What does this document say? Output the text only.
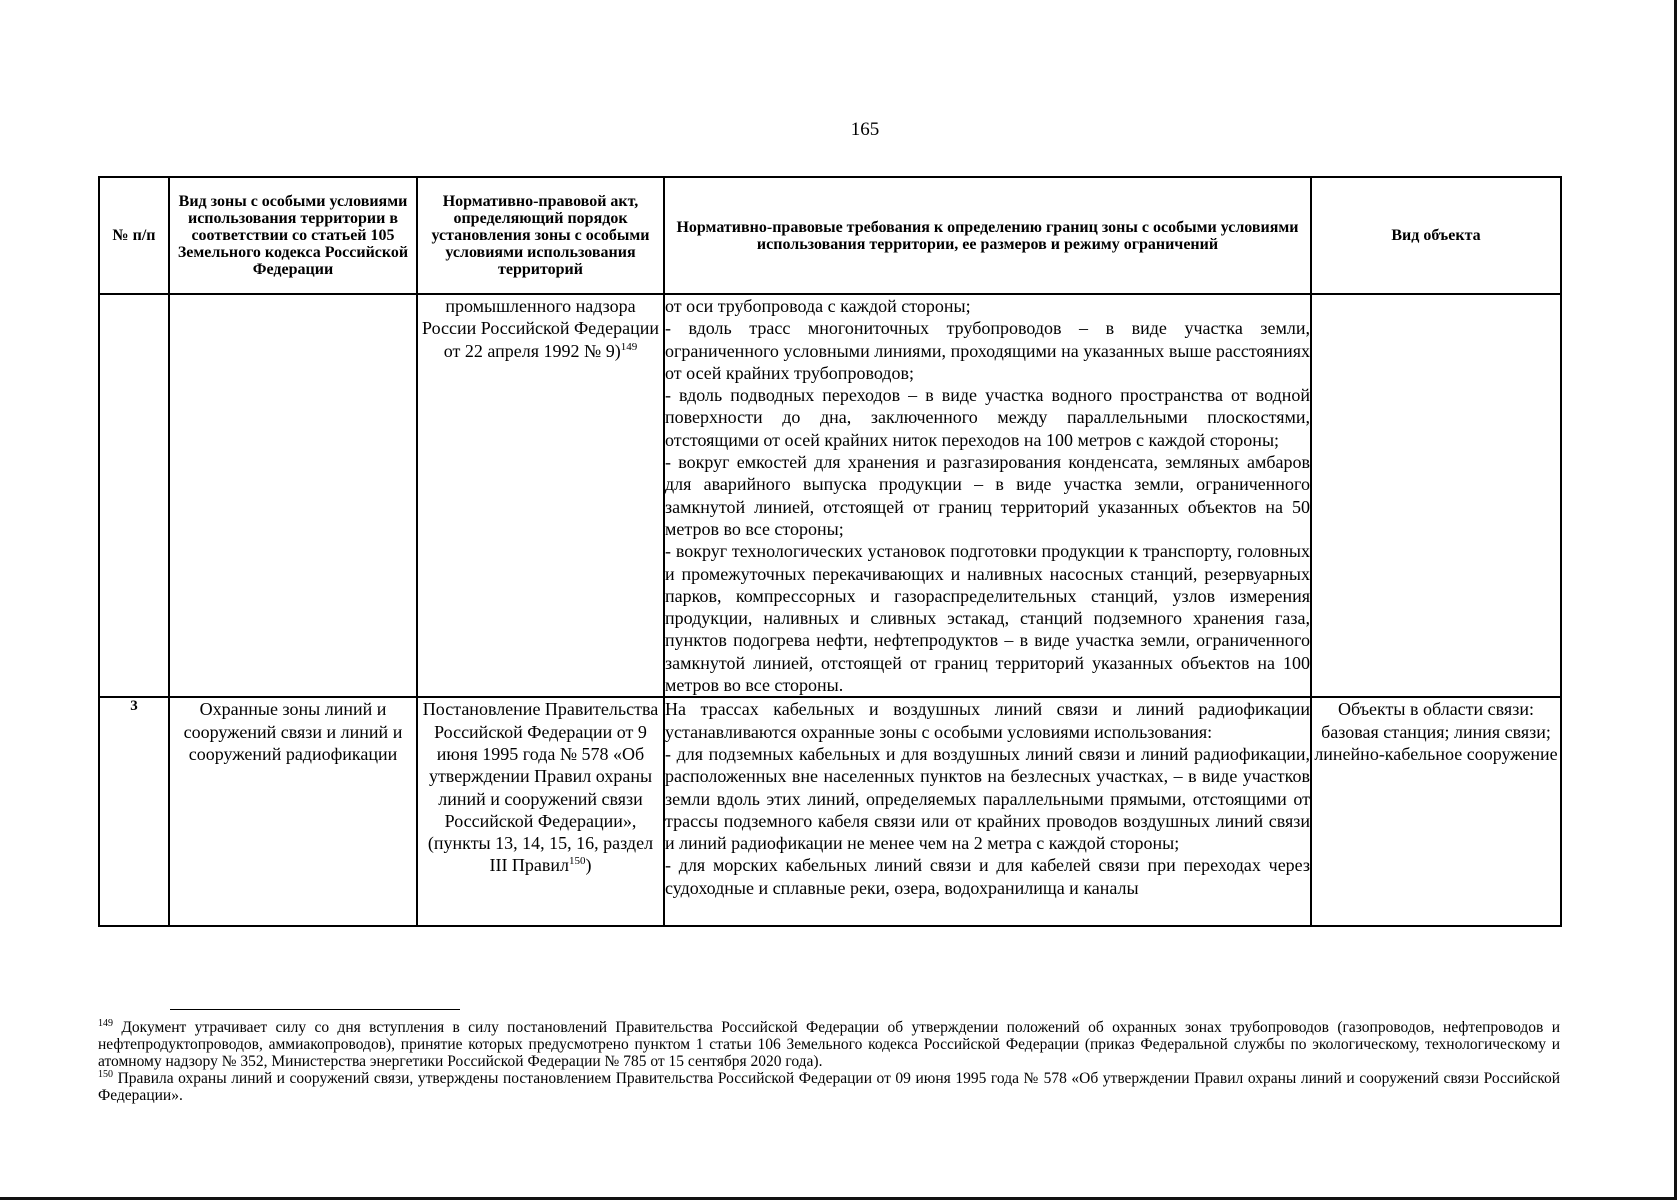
165
№ п/п	Вид зоны с особыми условиями использования территории в соответствии со статьей 105 Земельного кодекса Российской Федерации	Нормативно-правовой акт, определяющий порядок установления зоны с особыми условиями использования территорий	Нормативно-правовые требования к определению границ зоны с особыми условиями использования территории, ее размеров и режиму ограничений	Вид объекта
		промышленного надзора России Российской Федерации от 22 апреля 1992 № 9)$^{149}$	от оси трубопровода с каждой стороны;

- вдоль трасс многониточных трубопроводов – в виде участка земли, ограниченного условными линиями, проходящими на указанных выше расстояниях от осей крайних трубопроводов;

- вдоль подводных переходов – в виде участка водного пространства от водной поверхности до дна, заключенного между параллельными плоскостями, отстоящими от осей крайних ниток переходов на 100 метров с каждой стороны;

- вокруг емкостей для хранения и разгазирования конденсата, земляных амбаров для аварийного выпуска продукции – в виде участка земли, ограниченного замкнутой линией, отстоящей от границ территорий указанных объектов на 50 метров во все стороны;

- вокруг технологических установок подготовки продукции к транспорту, головных и промежуточных перекачивающих и наливных насосных станций, резервуарных парков, компрессорных и газораспределительных станций, узлов измерения продукции, наливных и сливных эстакад, станций подземного хранения газа, пунктов подогрева нефти, нефтепродуктов – в виде участка земли, ограниченного замкнутой линией, отстоящей от границ территорий указанных объектов на 100 метров во все стороны.	

3	Охранные зоны линий и сооружений связи и линий и сооружений радиофикации	Постановление Правительства Российской Федерации от 9 июня 1995 года № 578 «Об утверждении Правил охраны линий и сооружений связи Российской Федерации», (пункты 13, 14, 15, 16, раздел III Правил$^{150}$)	На трассах кабельных и воздушных линий связи и линий радиофикации устанавливаются охранные зоны с особыми условиями использования:

- для подземных кабельных и для воздушных линий связи и линий радиофикации, расположенных вне населенных пунктов на безлесных участках, – в виде участков земли вдоль этих линий, определяемых параллельными прямыми, отстоящими от трассы подземного кабеля связи или от крайних проводов воздушных линий связи и линий радиофикации не менее чем на 2 метра с каждой стороны;

- для морских кабельных линий связи и для кабелей связи при переходах через судоходные и сплавные реки, озера, водохранилища и каналы	Объекты в области связи: базовая станция; линия связи; линейно-кабельное сооружение

$^{149}$ Документ утрачивает силу со дня вступления в силу постановлений Правительства Российской Федерации об утверждении положений об охранных зонах трубопроводов (газопроводов, нефтепроводов и нефтепродуктопроводов, аммиакопроводов), принятие которых предусмотрено пунктом 1 статьи 106 Земельного кодекса Российской Федерации (приказ Федеральной службы по экологическому, технологическому и атомному надзору № 352, Министерства энергетики Российской Федерации № 785 от 15 сентября 2020 года).

$^{150}$ Правила охраны линий и сооружений связи, утверждены постановлением Правительства Российской Федерации от 09 июня 1995 года № 578 «Об утверждении Правил охраны линий и сооружений связи Российской Федерации».
